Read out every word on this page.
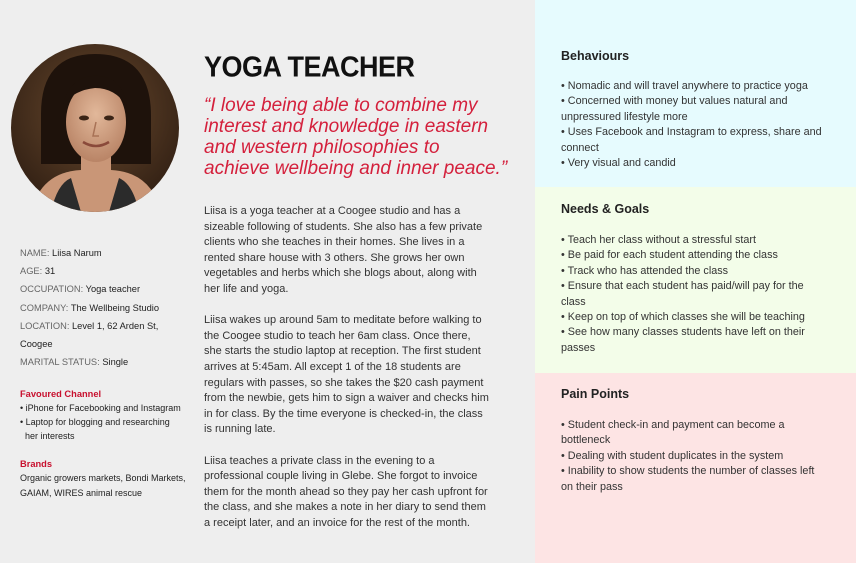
NAME: Liisa Narum
AGE: 31
OCCUPATION: Yoga teacher
COMPANY: The Wellbeing Studio
LOCATION: Level 1, 62 Arden St,
Coogee
MARITAL STATUS: Single
Favoured Channel
• iPhone for Facebooking and Instagram
• Laptop for blogging and researching
her interests
Brands
Organic growers markets, Bondi Markets,
GAIAM, WIRES animal rescue
YOGA TEACHER
“I love being able to combine my
interest and knowledge in eastern
and western philosophies to
achieve wellbeing and inner peace.”

Liisa is a yoga teacher at a Coogee studio and has a
sizeable following of students. She also has a few private
clients who she teaches in their homes. She lives in a
rented share house with 3 others. She grows her own
vegetables and herbs which she blogs about, along with
her life and yoga.

Liisa wakes up around 5am to meditate before walking to
the Coogee studio to teach her 6am class. Once there,
she starts the studio laptop at reception. The first student
arrives at 5:45am. All except 1 of the 18 students are
regulars with passes, so she takes the $20 cash payment
from the newbie, gets him to sign a waiver and checks him
in for class. By the time everyone is checked-in, the class
is running late.

Liisa teaches a private class in the evening to a
professional couple living in Glebe. She forgot to invoice
them for the month ahead so they pay her cash upfront for
the class, and she makes a note in her diary to send them
a receipt later, and an invoice for the rest of the month.

Behaviours
• Nomadic and will travel anywhere to practice yoga
• Concerned with money but values natural and
unpressured lifestyle more
• Uses Facebook and Instagram to express, share and
connect
• Very visual and candid
Needs & Goals
• Teach her class without a stressful start
• Be paid for each student attending the class
• Track who has attended the class
• Ensure that each student has paid/will pay for the
class
• Keep on top of which classes she will be teaching
• See how many classes students have left on their
passes
Pain Points
• Student check-in and payment can become a
bottleneck
• Dealing with student duplicates in the system
• Inability to show students the number of classes left
on their pass
